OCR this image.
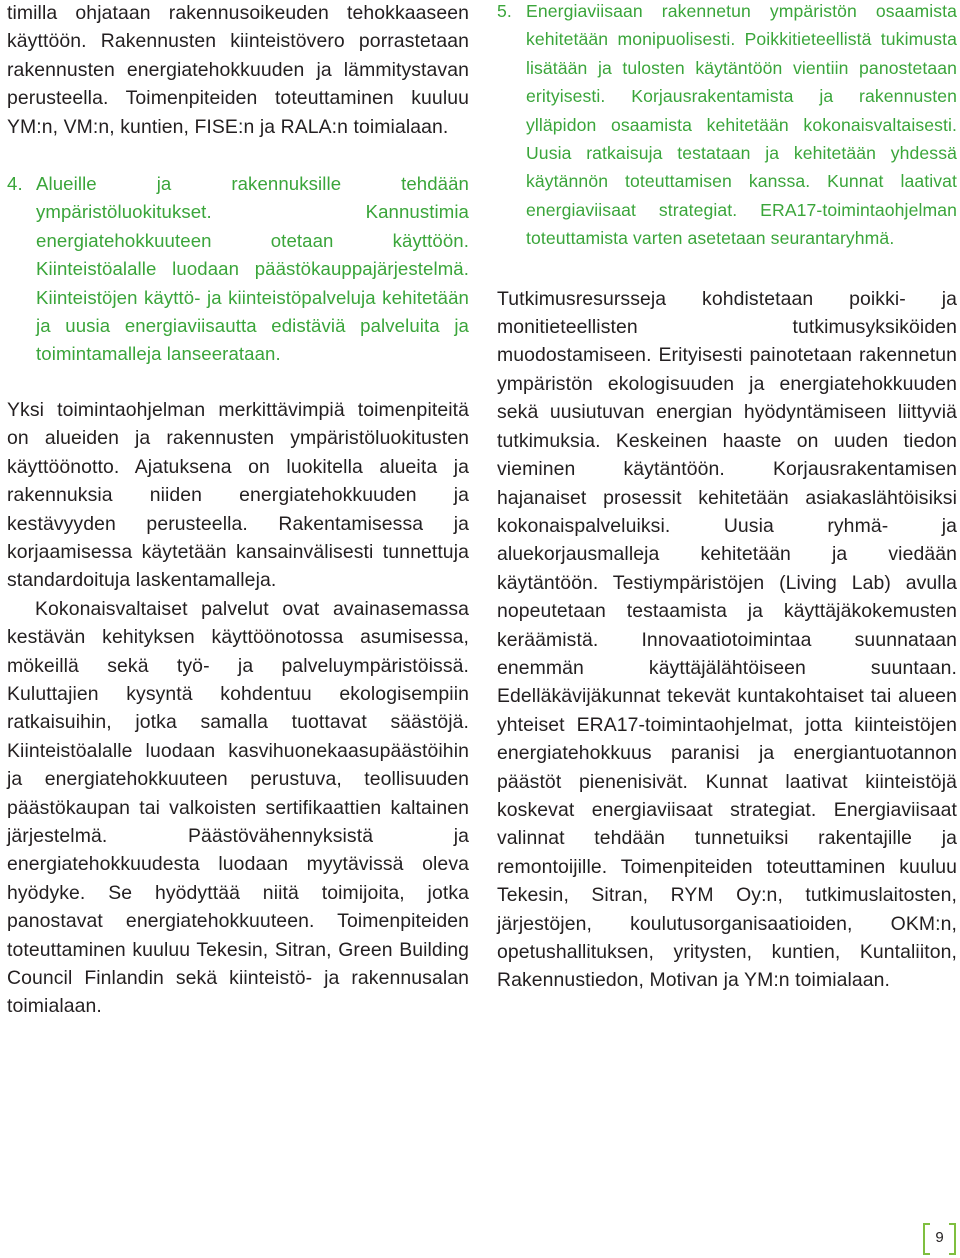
timilla ohjataan rakennusoikeuden tehokkaaseen käyttöön. Rakennusten kiinteistövero porrastetaan rakennusten energiatehokkuuden ja lämmitystavan perusteella. Toimenpiteiden toteuttaminen kuuluu YM:n, VM:n, kuntien, FISE:n ja RALA:n toimialaan.

4. Alueille ja rakennuksille tehdään ympäristöluokitukset. Kannustimia energiatehokkuuteen otetaan käyttöön. Kiinteistöalalle luodaan päästökauppajärjestelmä. Kiinteistöjen käyttö- ja kiinteistöpalveluja kehitetään ja uusia energiaviisautta edistäviä palveluita ja toimintamalleja lanseerataan.

Yksi toimintaohjelman merkittävimpiä toimenpiteitä on alueiden ja rakennusten ympäristöluokitusten käyttöönotto. Ajatuksena on luokitella alueita ja rakennuksia niiden energiatehokkuuden ja kestävyyden perusteella. Rakentamisessa ja korjaamisessa käytetään kansainvälisesti tunnettuja standardoituja laskentamalleja.

Kokonaisvaltaiset palvelut ovat avainasemassa kestävän kehityksen käyttöönotossa asumisessa, mökeillä sekä työ- ja palveluympäristöissä. Kuluttajien kysyntä kohdentuu ekologisempiin ratkaisuihin, jotka samalla tuottavat säästöjä. Kiinteistöalalle luodaan kasvihuonekaasupäästöihin ja energiatehokkuuteen perustuva, teollisuuden päästökaupan tai valkoisten sertifikaattien kaltainen järjestelmä. Päästövähennyksistä ja energiatehokkuudesta luodaan myytävissä oleva hyödyke. Se hyödyttää niitä toimijoita, jotka panostavat energiatehokkuuteen. Toimenpiteiden toteuttaminen kuuluu Tekesin, Sitran, Green Building Council Finlandin sekä kiinteistö- ja rakennusalan toimialaan.

5. Energiaviisaan rakennetun ympäristön osaamista kehitetään monipuolisesti. Poikkitieteellistä tukimusta lisätään ja tulosten käytäntöön vientiin panostetaan erityisesti. Korjausrakentamista ja rakennusten ylläpidon osaamista kehitetään kokonaisvaltaisesti. Uusia ratkaisuja testataan ja kehitetään yhdessä käytännön toteuttamisen kanssa. Kunnat laativat energiaviisaat strategiat. ERA17-toimintaohjelman toteuttamista varten asetetaan seurantaryhmä.

Tutkimusresursseja kohdistetaan poikki- ja monitieteellisten tutkimusyksiköiden muodostamiseen. Erityisesti painotetaan rakennetun ympäristön ekologisuuden ja energiatehokkuuden sekä uusiutuvan energian hyödyntämiseen liittyviä tutkimuksia. Keskeinen haaste on uuden tiedon vieminen käytäntöön. Korjausrakentamisen hajanaiset prosessit kehitetään asiakaslähtöisiksi kokonaispalveluiksi. Uusia ryhmä- ja aluekorjausmalleja kehitetään ja viedään käytäntöön. Testiympäristöjen (Living Lab) avulla nopeutetaan testaamista ja käyttäjäkokemusten keräämistä. Innovaatiotoimintaa suunnataan enemmän käyttäjälähtöiseen suuntaan. Edelläkävijäkunnat tekevät kuntakohtaiset tai alueen yhteiset ERA17-toimintaohjelmat, jotta kiinteistöjen energiatehokkuus paranisi ja energiantuotannon päästöt pienenisivät. Kunnat laativat kiinteistöjä koskevat energiaviisaat strategiat. Energiaviisaat valinnat tehdään tunnetuiksi rakentajille ja remontoijille. Toimenpiteiden toteuttaminen kuuluu Tekesin, Sitran, RYM Oy:n, tutkimuslaitosten, järjestöjen, koulutusorganisaatioiden, OKM:n, opetushallituksen, yritysten, kuntien, Kuntaliiton, Rakennustiedon, Motivan ja YM:n toimialaan.

9
